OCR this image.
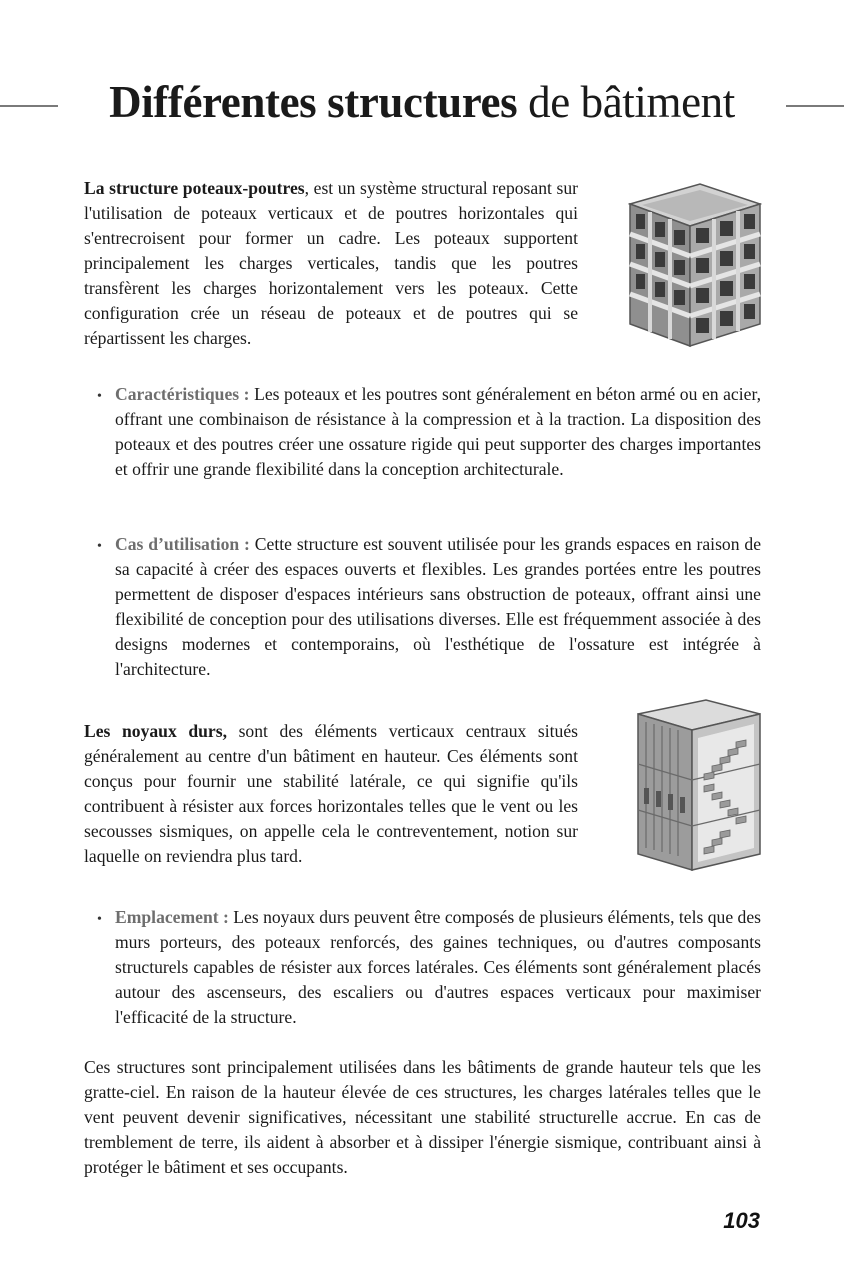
Différentes structures de bâtiment

La structure poteaux-poutres, est un système structural reposant sur l'utilisation de poteaux verticaux et de poutres horizontales qui s'entrecroisent pour former un cadre. Les poteaux supportent principalement les charges verticales, tandis que les poutres transfèrent les charges horizontalement vers les poteaux. Cette configuration crée un réseau de poteaux et de poutres qui se répartissent les charges.

• Caractéristiques : Les poteaux et les poutres sont généralement en béton armé ou en acier, offrant une combinaison de résistance à la compression et à la traction. La disposition des poteaux et des poutres créer une ossature rigide qui peut supporter des charges importantes et offrir une grande flexibilité dans la conception architecturale.

• Cas d’utilisation : Cette structure est souvent utilisée pour les grands espaces en raison de sa capacité à créer des espaces ouverts et flexibles. Les grandes portées entre les poutres permettent de disposer d'espaces intérieurs sans obstruction de poteaux, offrant ainsi une flexibilité de conception pour des utilisations diverses. Elle est fréquemment associée à des designs modernes et contemporains, où l'esthétique de l'ossature est intégrée à l'architecture.

Les noyaux durs, sont des éléments verticaux centraux situés généralement au centre d'un bâtiment en hauteur. Ces éléments sont conçus pour fournir une stabilité latérale, ce qui signifie qu'ils contribuent à résister aux forces horizontales telles que le vent ou les secousses sismiques, on appelle cela le contreventement, notion sur laquelle on reviendra plus tard.

• Emplacement : Les noyaux durs peuvent être composés de plusieurs éléments, tels que des murs porteurs, des poteaux renforcés, des gaines techniques, ou d'autres composants structurels capables de résister aux forces latérales. Ces éléments sont généralement placés autour des ascenseurs, des escaliers ou d'autres espaces verticaux pour maximiser l'efficacité de la structure.

Ces structures sont principalement utilisées dans les bâtiments de grande hauteur tels que les gratte-ciel. En raison de la hauteur élevée de ces structures, les charges latérales telles que le vent peuvent devenir significatives, nécessitant une stabilité structurelle accrue. En cas de tremblement de terre, ils aident à absorber et à dissiper l'énergie sismique, contribuant ainsi à protéger le bâtiment et ses occupants.

103
